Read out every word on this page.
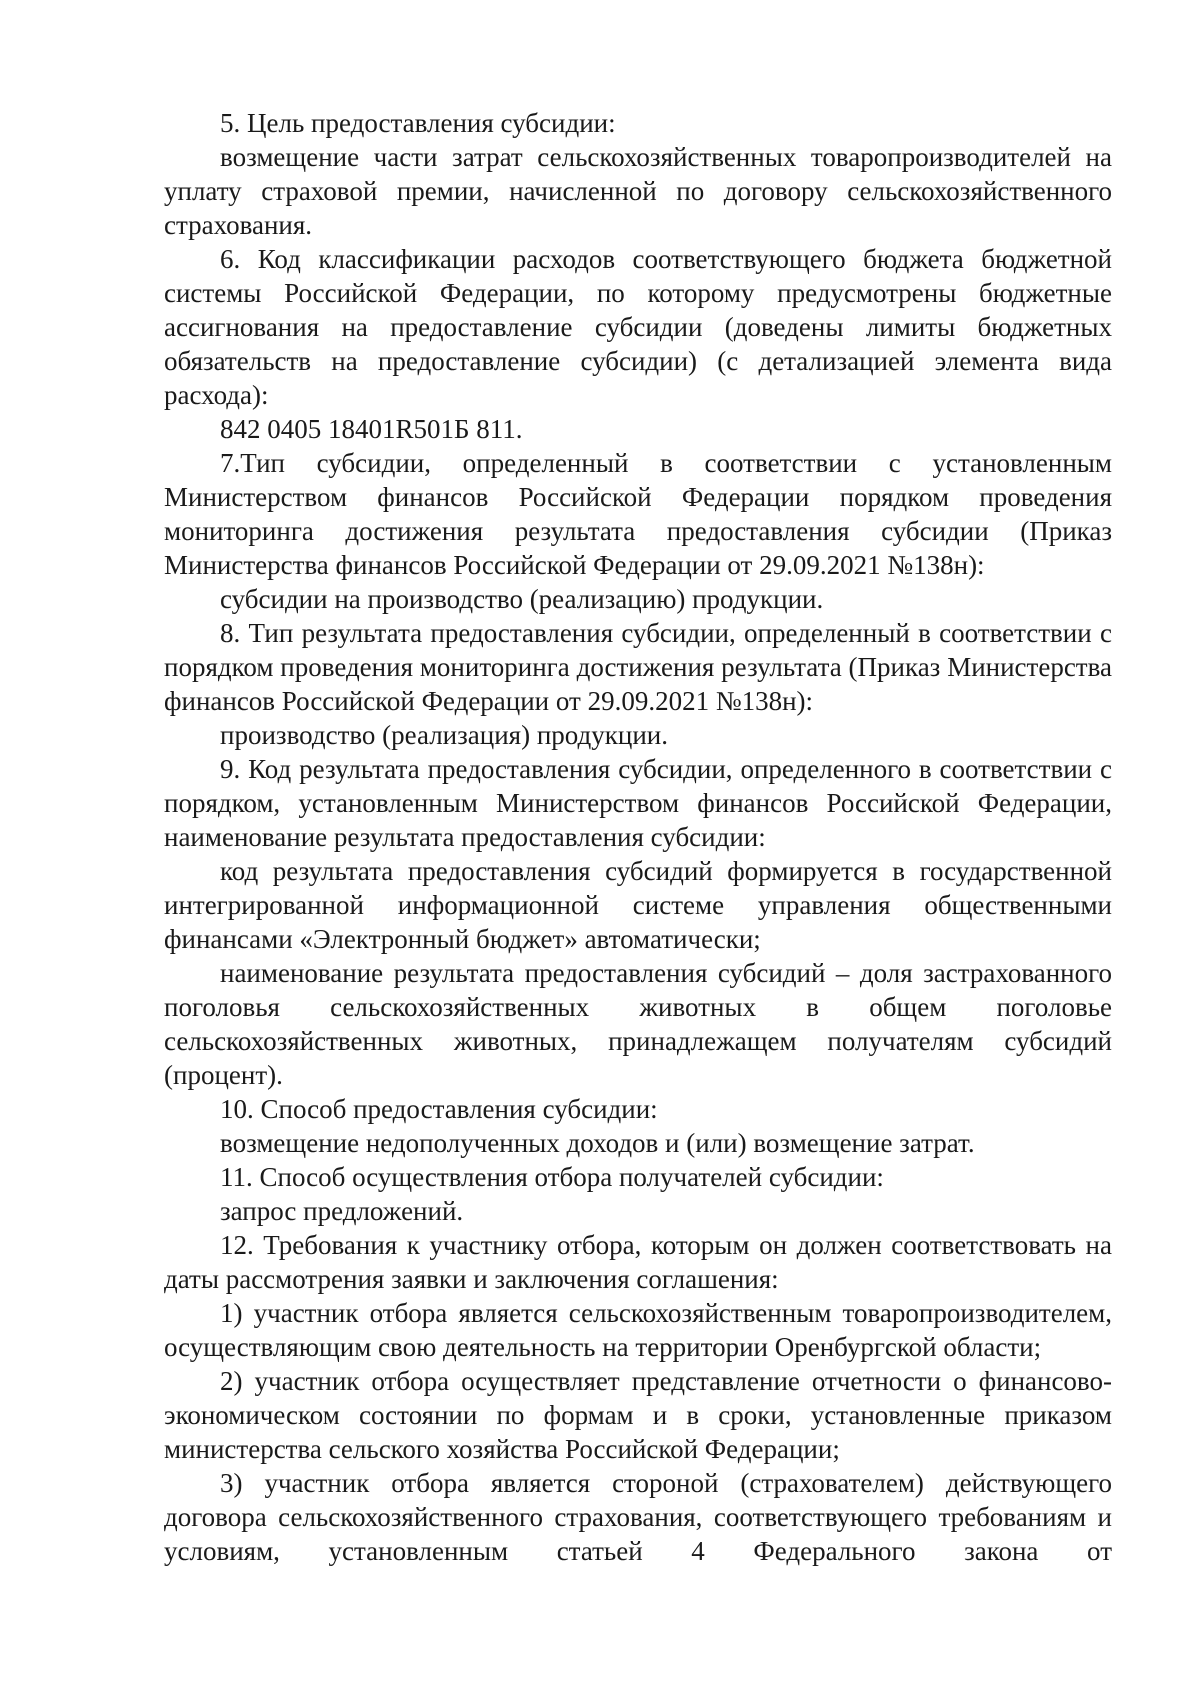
5. Цель предоставления субсидии:

возмещение части затрат сельскохозяйственных товаропроизводителей на уплату страховой премии, начисленной по договору сельскохозяйственного страхования.

6. Код классификации расходов соответствующего бюджета бюджетной системы Российской Федерации, по которому предусмотрены бюджетные ассигнования на предоставление субсидии (доведены лимиты бюджетных обязательств на предоставление субсидии) (с детализацией элемента вида расхода):

842 0405 18401R501Б 811.

7.Тип субсидии, определенный в соответствии с установленным Министерством финансов Российской Федерации порядком проведения мониторинга достижения результата предоставления субсидии (Приказ Министерства финансов Российской Федерации от 29.09.2021 №138н):

субсидии на производство (реализацию) продукции.

8. Тип результата предоставления субсидии, определенный в соответствии с порядком проведения мониторинга достижения результата (Приказ Министерства финансов Российской Федерации от 29.09.2021 №138н):

производство (реализация) продукции.

9. Код результата предоставления субсидии, определенного в соответствии с порядком, установленным Министерством финансов Российской Федерации, наименование результата предоставления субсидии:

код результата предоставления субсидий формируется в государственной интегрированной информационной системе управления общественными финансами «Электронный бюджет» автоматически;

наименование результата предоставления субсидий – доля застрахованного поголовья сельскохозяйственных животных в общем поголовье сельскохозяйственных животных, принадлежащем получателям субсидий (процент).

10. Способ предоставления субсидии:

возмещение недополученных доходов и (или) возмещение затрат.

11. Способ осуществления отбора получателей субсидии:

запрос предложений.

12. Требования к участнику отбора, которым он должен соответствовать на даты рассмотрения заявки и заключения соглашения:

1) участник отбора является сельскохозяйственным товаропроизводителем, осуществляющим свою деятельность на территории Оренбургской области;

2) участник отбора осуществляет представление отчетности о финансово-экономическом состоянии по формам и в сроки, установленные приказом министерства сельского хозяйства Российской Федерации;

3) участник отбора является стороной (страхователем) действующего договора сельскохозяйственного страхования, соответствующего требованиям и условиям, установленным статьей 4 Федерального закона от
